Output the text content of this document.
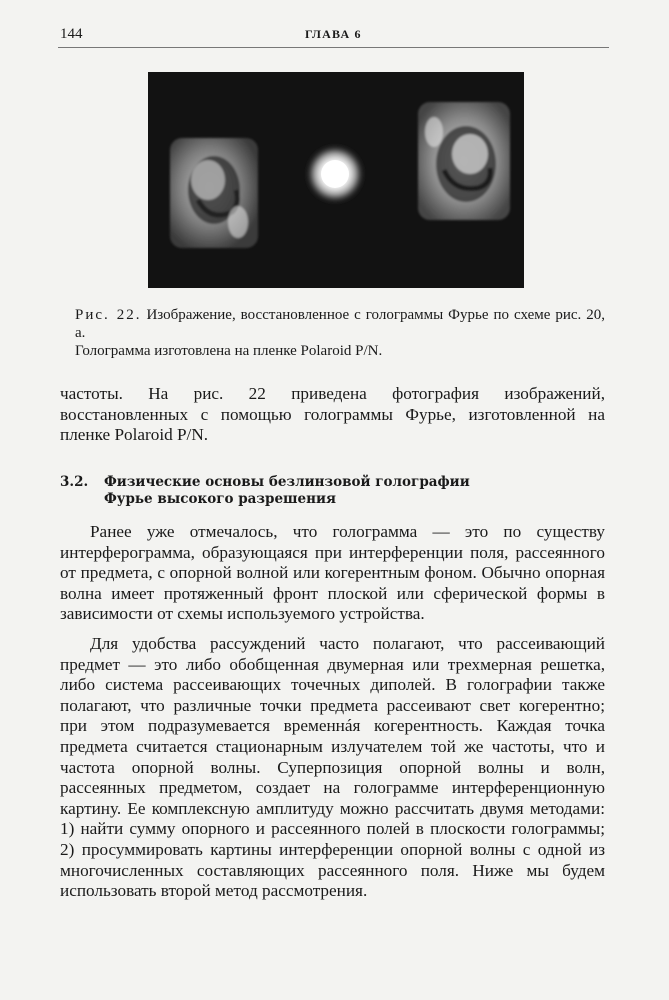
144	ГЛАВА 6

Рис. 22. Изображение, восстановленное с голограммы Фурье по схеме рис. 20, а.

Голограмма изготовлена на пленке Polaroid P/N.

частоты. На рис. 22 приведена фотография изображений, восстановленных с помощью голограммы Фурье, изготовленной на пленке Polaroid P/N.

3.2. Физические основы безлинзовой голографии
Фурье высокого разрешения

Ранее уже отмечалось, что голограмма — это по существу интерферограмма, образующаяся при интерференции поля, рассеянного от предмета, с опорной волной или когерентным фоном. Обычно опорная волна имеет протяженный фронт плоской или сферической формы в зависимости от схемы используемого устройства.

Для удобства рассуждений часто полагают, что рассеивающий предмет — это либо обобщенная двумерная или трехмерная решетка, либо система рассеивающих точечных диполей. В голографии также полагают, что различные точки предмета рассеивают свет когерентно; при этом подразумевается временнáя когерентность. Каждая точка предмета считается стационарным излучателем той же частоты, что и частота опорной волны. Суперпозиция опорной волны и волн, рассеянных предметом, создает на голограмме интерференционную картину. Ее комплексную амплитуду можно рассчитать двумя методами: 1) найти сумму опорного и рассеянного полей в плоскости голограммы; 2) просуммировать картины интерференции опорной волны с одной из многочисленных составляющих рассеянного поля. Ниже мы будем использовать второй метод рассмотрения.
